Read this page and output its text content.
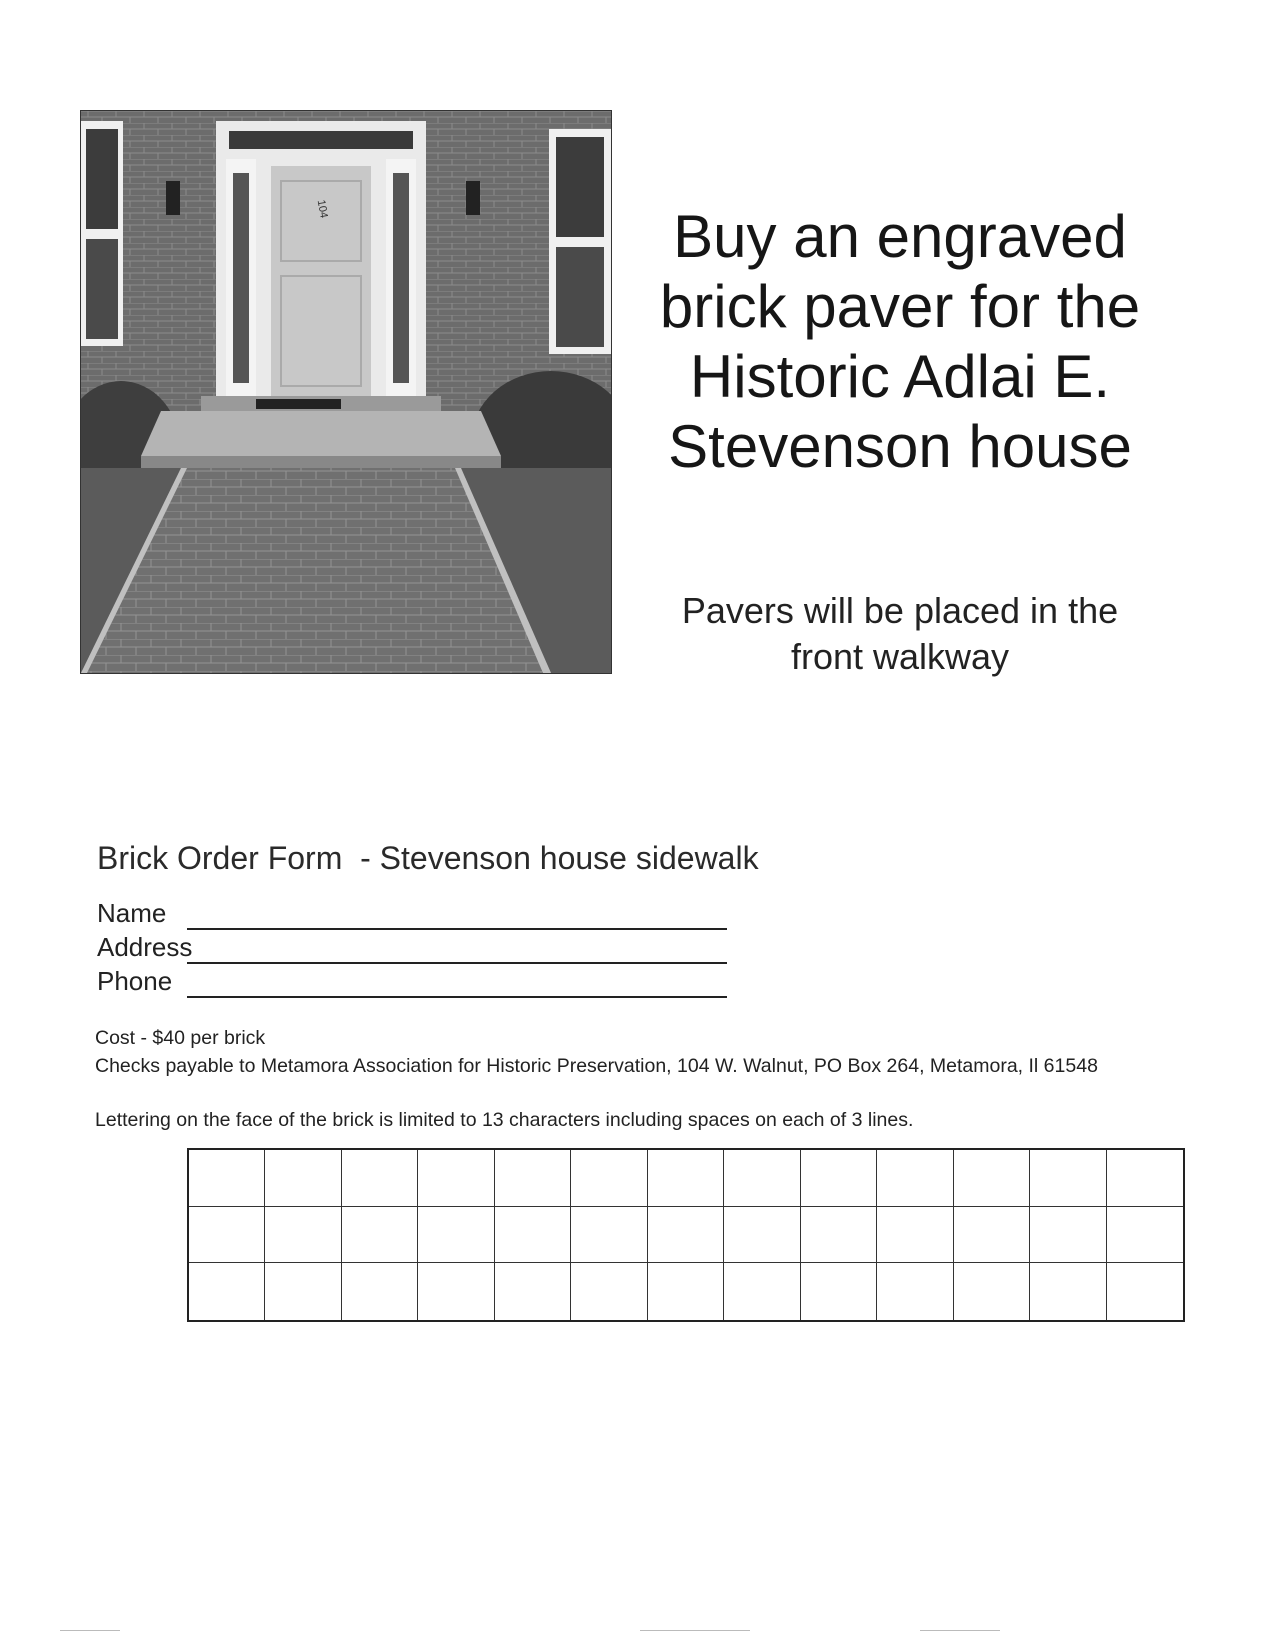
104	Buy an engraved
brick paver for the
Historic Adlai E.
Stevenson house
Pavers will be placed in the
front walkway
Brick Order Form  - Stevenson house sidewalk
Name
Address
Phone
Cost - $40 per brick
Checks payable to Metamora Association for Historic Preservation, 104 W. Walnut, PO Box 264, Metamora, Il 61548
Lettering on the face of the brick is limited to 13 characters including spaces on each of 3 lines.
